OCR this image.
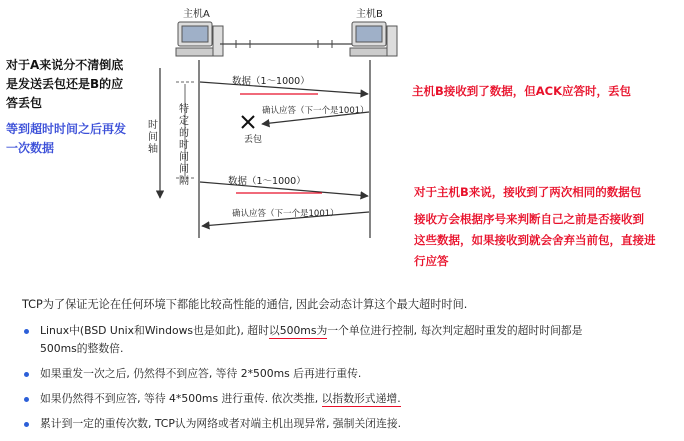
主机A	主机B
时间轴
特定的时间间隔
数据（1～1000）
确认应答（下一个是1001）
丢包
数据（1～1000）
确认应答（下一个是1001）
对于A来说分不清倒底
是发送丢包还是B的应
答丢包
等到超时时间之后再发
一次数据
主机B接收到了数据，但ACK应答时，丢包
对于主机B来说，接收到了两次相同的数据包
接收方会根据序号来判断自己之前是否接收到
这些数据，如果接收到就会舍弃当前包，直接进
行应答
TCP为了保证无论在任何环境下都能比较高性能的通信, 因此会动态计算这个最大超时时间.
Linux中(BSD Unix和Windows也是如此), 超时以500ms为一个单位进行控制, 每次判定超时重发的超时时间都是
500ms的整数倍.
如果重发一次之后, 仍然得不到应答, 等待 2*500ms 后再进行重传.
如果仍然得不到应答, 等待 4*500ms 进行重传. 依次类推, 以指数形式递增.
累计到一定的重传次数, TCP认为网络或者对端主机出现异常, 强制关闭连接.
